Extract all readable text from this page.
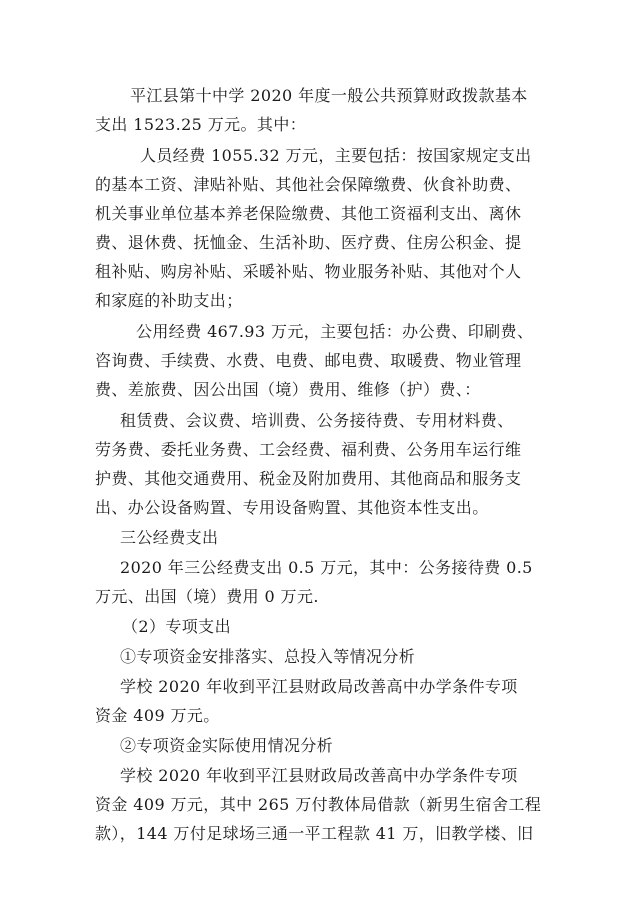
平江县第十中学 2020 年度一般公共预算财政拨款基本
支出 1523.25 万元。其中：
人员经费 1055.32 万元，主要包括：按国家规定支出
的基本工资、津贴补贴、其他社会保障缴费、伙食补助费、
机关事业单位基本养老保险缴费、其他工资福利支出、离休
费、退休费、抚恤金、生活补助、医疗费、住房公积金、提
租补贴、购房补贴、采暖补贴、物业服务补贴、其他对个人
和家庭的补助支出；
公用经费 467.93 万元，主要包括：办公费、印刷费、
咨询费、手续费、水费、电费、邮电费、取暖费、物业管理
费、差旅费、因公出国（境）费用、维修（护）费、：
租赁费、会议费、培训费、公务接待费、专用材料费、
劳务费、委托业务费、工会经费、福利费、公务用车运行维
护费、其他交通费用、税金及附加费用、其他商品和服务支
出、办公设备购置、专用设备购置、其他资本性支出。
三公经费支出
2020 年三公经费支出 0.5 万元，其中：公务接待费 0.5
万元、出国（境）费用 0 万元.
（2）专项支出
①专项资金安排落实、总投入等情况分析
学校 2020 年收到平江县财政局改善高中办学条件专项
资金 409 万元。
②专项资金实际使用情况分析
学校 2020 年收到平江县财政局改善高中办学条件专项
资金 409 万元，其中 265 万付教体局借款（新男生宿舍工程
款），144 万付足球场三通一平工程款 41 万，旧教学楼、旧
